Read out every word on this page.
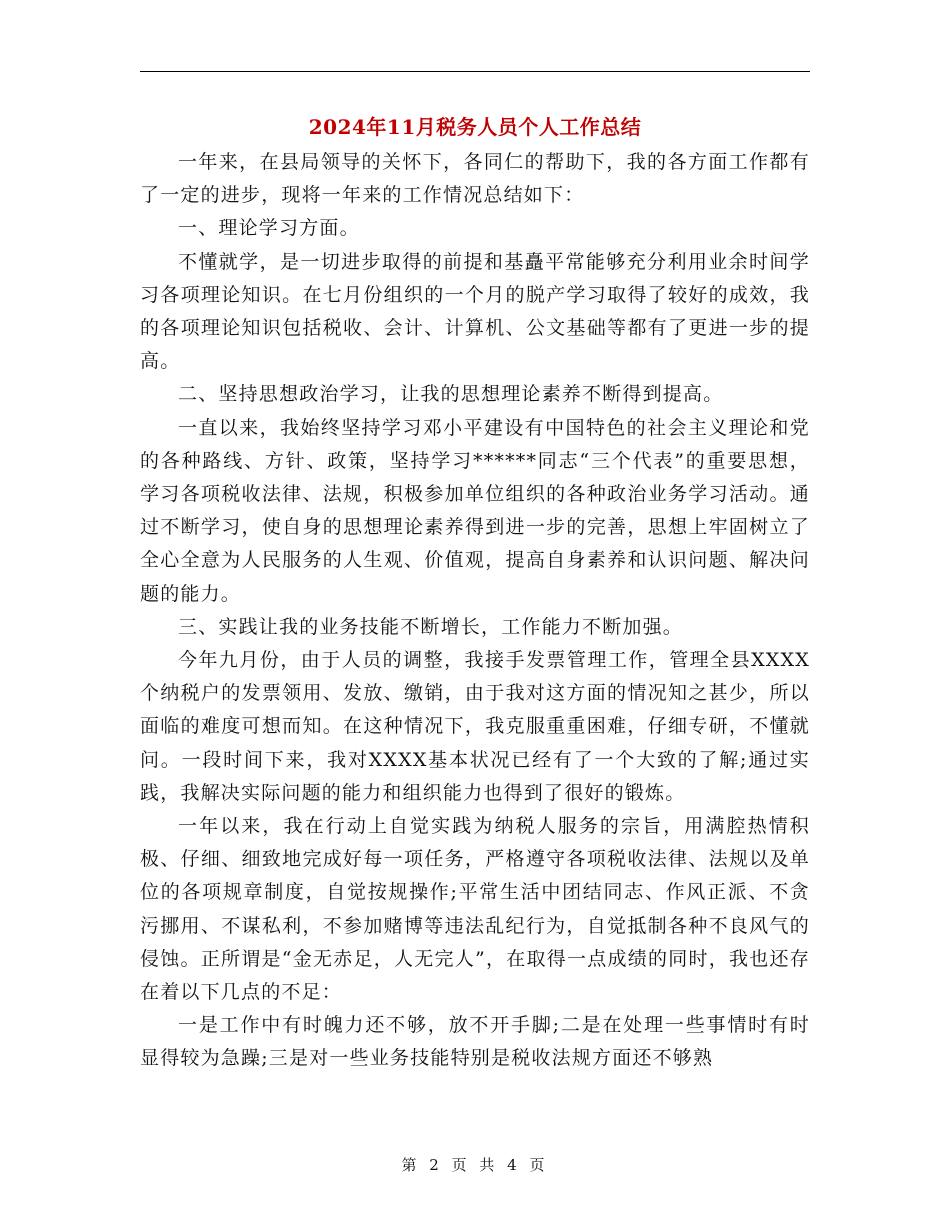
2024年11月税务人员个人工作总结

一年来，在县局领导的关怀下，各同仁的帮助下，我的各方面工作都有了一定的进步，现将一年来的工作情况总结如下：

一、理论学习方面。

不懂就学，是一切进步取得的前提和基矗平常能够充分利用业余时间学习各项理论知识。在七月份组织的一个月的脱产学习取得了较好的成效，我的各项理论知识包括税收、会计、计算机、公文基础等都有了更进一步的提高。

二、坚持思想政治学习，让我的思想理论素养不断得到提高。

一直以来，我始终坚持学习邓小平建设有中国特色的社会主义理论和党的各种路线、方针、政策，坚持学习******同志“三个代表”的重要思想，学习各项税收法律、法规，积极参加单位组织的各种政治业务学习活动。通过不断学习，使自身的思想理论素养得到进一步的完善，思想上牢固树立了全心全意为人民服务的人生观、价值观，提高自身素养和认识问题、解决问题的能力。

三、实践让我的业务技能不断增长，工作能力不断加强。

今年九月份，由于人员的调整，我接手发票管理工作，管理全县XXXX个纳税户的发票领用、发放、缴销，由于我对这方面的情况知之甚少，所以面临的难度可想而知。在这种情况下，我克服重重困难，仔细专研，不懂就问。一段时间下来，我对XXXX基本状况已经有了一个大致的了解;通过实践，我解决实际问题的能力和组织能力也得到了很好的锻炼。

一年以来，我在行动上自觉实践为纳税人服务的宗旨，用满腔热情积极、仔细、细致地完成好每一项任务，严格遵守各项税收法律、法规以及单位的各项规章制度，自觉按规操作;平常生活中团结同志、作风正派、不贪污挪用、不谋私利，不参加赌博等违法乱纪行为，自觉抵制各种不良风气的侵蚀。正所谓是“金无赤足，人无完人”，在取得一点成绩的同时，我也还存在着以下几点的不足：

一是工作中有时魄力还不够，放不开手脚;二是在处理一些事情时有时显得较为急躁;三是对一些业务技能特别是税收法规方面还不够熟

第 2 页 共 4 页
